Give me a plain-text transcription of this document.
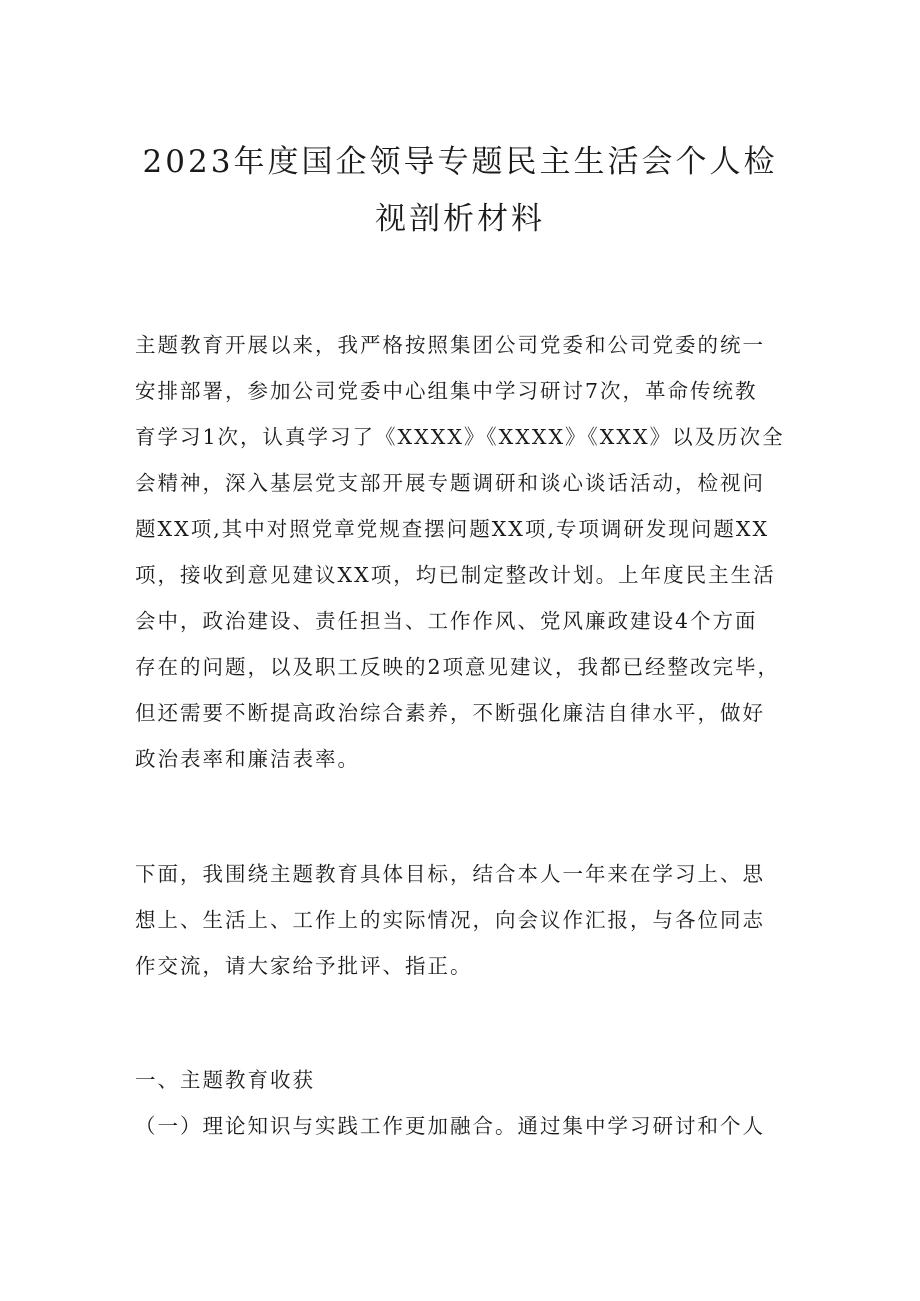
2023年度国企领导专题民主生活会个人检
视剖析材料
主题教育开展以来，我严格按照集团公司党委和公司党委的统一
安排部署，参加公司党委中心组集中学习研讨7次，革命传统教
育学习1次，认真学习了《XXXX》《XXXX》《XXX》以及历次全
会精神，深入基层党支部开展专题调研和谈心谈话活动，检视问
题XX项,其中对照党章党规查摆问题XX项,专项调研发现问题XX
项，接收到意见建议XX项，均已制定整改计划。上年度民主生活
会中，政治建设、责任担当、工作作风、党风廉政建设4个方面
存在的问题，以及职工反映的2项意见建议，我都已经整改完毕，
但还需要不断提高政治综合素养，不断强化廉洁自律水平，做好
政治表率和廉洁表率。
下面，我围绕主题教育具体目标，结合本人一年来在学习上、思
想上、生活上、工作上的实际情况，向会议作汇报，与各位同志
作交流，请大家给予批评、指正。
一、主题教育收获
（一）理论知识与实践工作更加融合。通过集中学习研讨和个人
